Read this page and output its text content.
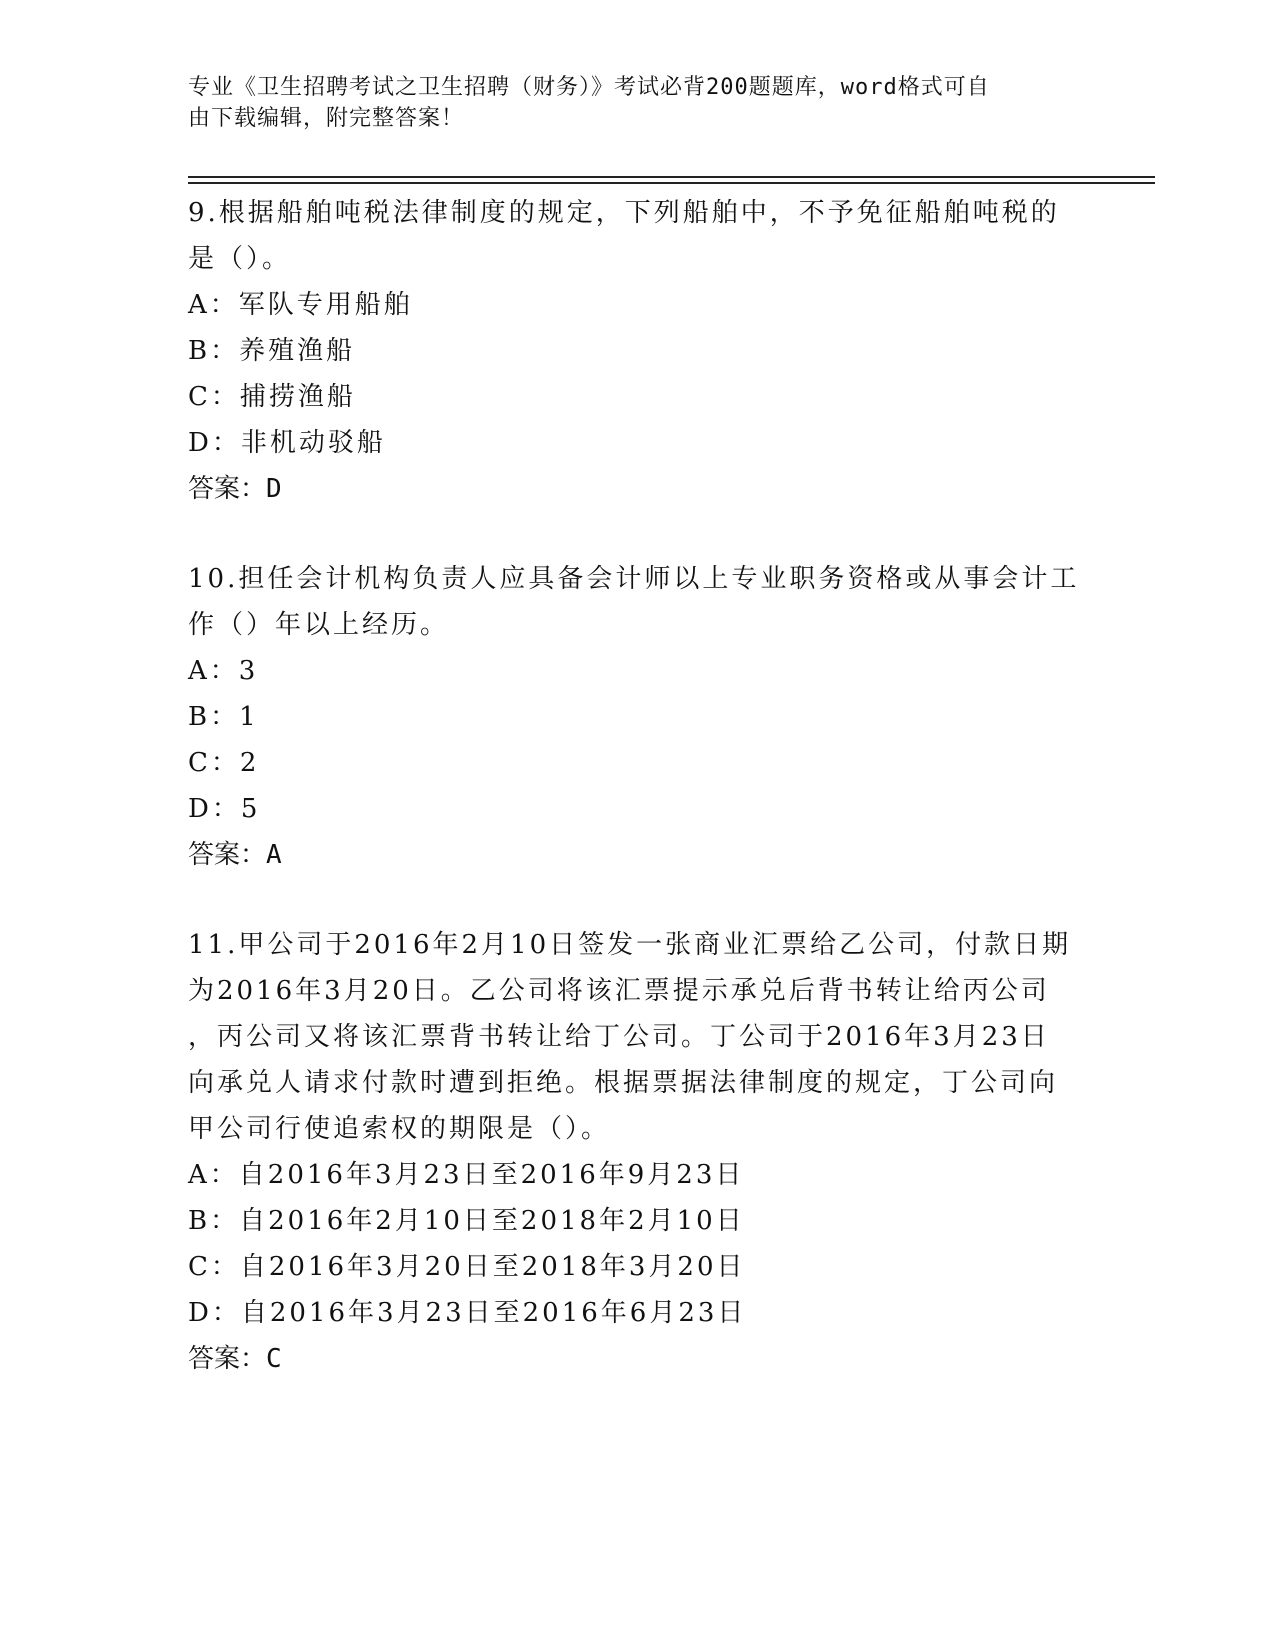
专业《卫生招聘考试之卫生招聘（财务）》考试必背200题题库，word格式可自
由下载编辑，附完整答案！
9.根据船舶吨税法律制度的规定，下列船舶中，不予免征船舶吨税的
是（）。
A：军队专用船舶
B：养殖渔船
C：捕捞渔船
D：非机动驳船
答案：D
10.担任会计机构负责人应具备会计师以上专业职务资格或从事会计工
作（）年以上经历。
A：3
B：1
C：2
D：5
答案：A
11.甲公司于2016年2月10日签发一张商业汇票给乙公司，付款日期
为2016年3月20日。乙公司将该汇票提示承兑后背书转让给丙公司
，丙公司又将该汇票背书转让给丁公司。丁公司于2016年3月23日
向承兑人请求付款时遭到拒绝。根据票据法律制度的规定，丁公司向
甲公司行使追索权的期限是（）。
A：自2016年3月23日至2016年9月23日
B：自2016年2月10日至2018年2月10日
C：自2016年3月20日至2018年3月20日
D：自2016年3月23日至2016年6月23日
答案：C
